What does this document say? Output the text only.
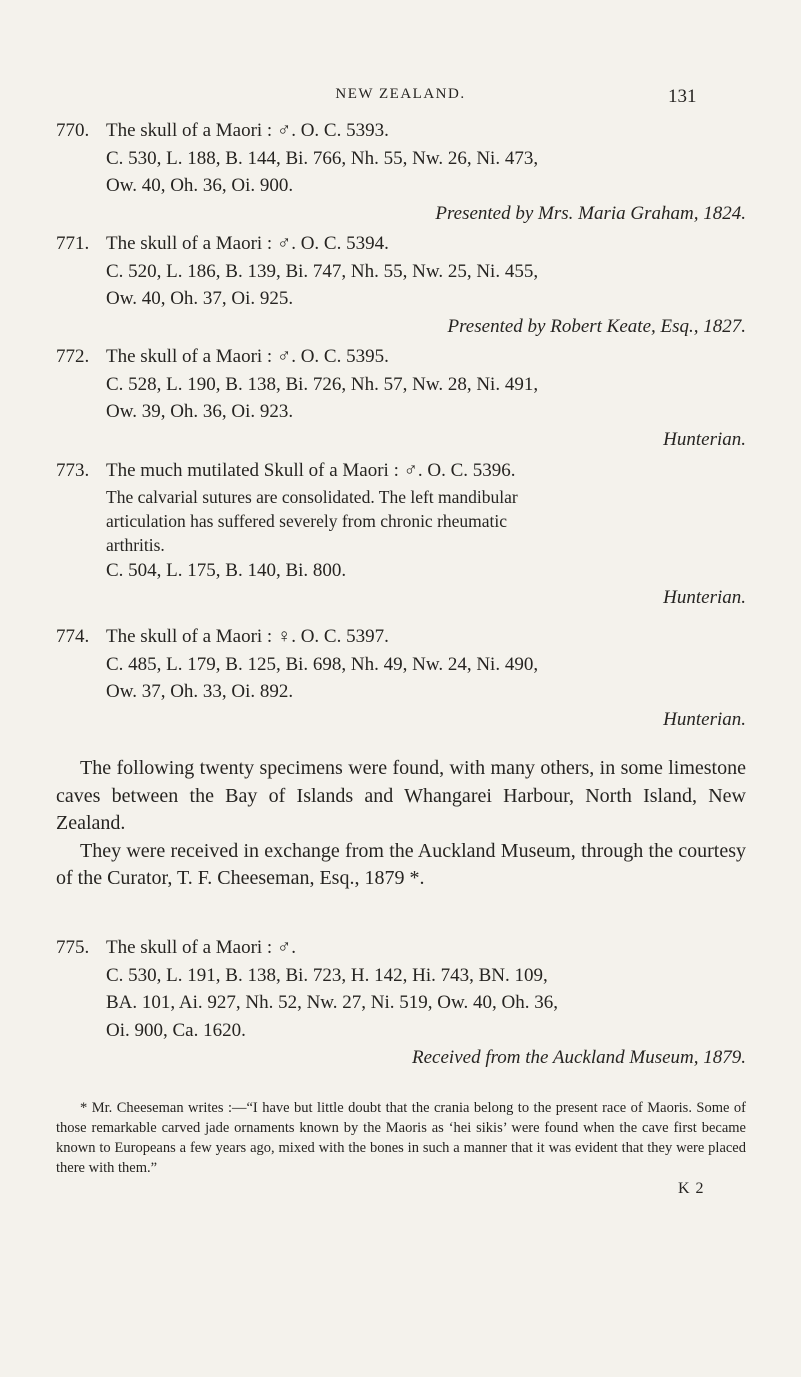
NEW ZEALAND.	131
770. The skull of a Maori : ♂. O. C. 5393.
C. 530, L. 188, B. 144, Bi. 766, Nh. 55, Nw. 26, Ni. 473,
Ow. 40, Oh. 36, Oi. 900.
Presented by Mrs. Maria Graham, 1824.
771. The skull of a Maori : ♂. O. C. 5394.
C. 520, L. 186, B. 139, Bi. 747, Nh. 55, Nw. 25, Ni. 455,
Ow. 40, Oh. 37, Oi. 925.
Presented by Robert Keate, Esq., 1827.
772. The skull of a Maori : ♂. O. C. 5395.
C. 528, L. 190, B. 138, Bi. 726, Nh. 57, Nw. 28, Ni. 491,
Ow. 39, Oh. 36, Oi. 923.
Hunterian.
773. The much mutilated Skull of a Maori : ♂. O. C. 5396.
The calvarial sutures are consolidated. The left mandibular
articulation has suffered severely from chronic rheumatic
arthritis.
C. 504, L. 175, B. 140, Bi. 800.
Hunterian.
774. The skull of a Maori : ♀. O. C. 5397.
C. 485, L. 179, B. 125, Bi. 698, Nh. 49, Nw. 24, Ni. 490,
Ow. 37, Oh. 33, Oi. 892.
Hunterian.

The following twenty specimens were found, with many others, in some limestone caves between the Bay of Islands and Whangarei Harbour, North Island, New Zealand.

They were received in exchange from the Auckland Museum, through the courtesy of the Curator, T. F. Cheeseman, Esq., 1879 *.

775. The skull of a Maori : ♂.
C. 530, L. 191, B. 138, Bi. 723, H. 142, Hi. 743, BN. 109,
BA. 101, Ai. 927, Nh. 52, Nw. 27, Ni. 519, Ow. 40, Oh. 36,
Oi. 900, Ca. 1620.
Received from the Auckland Museum, 1879.

* Mr. Cheeseman writes :—“I have but little doubt that the crania belong to the present race of Maoris. Some of those remarkable carved jade ornaments known by the Maoris as ‘hei sikis’ were found when the cave first became known to Europeans a few years ago, mixed with the bones in such a manner that it was evident that they were placed there with them.”

K 2
